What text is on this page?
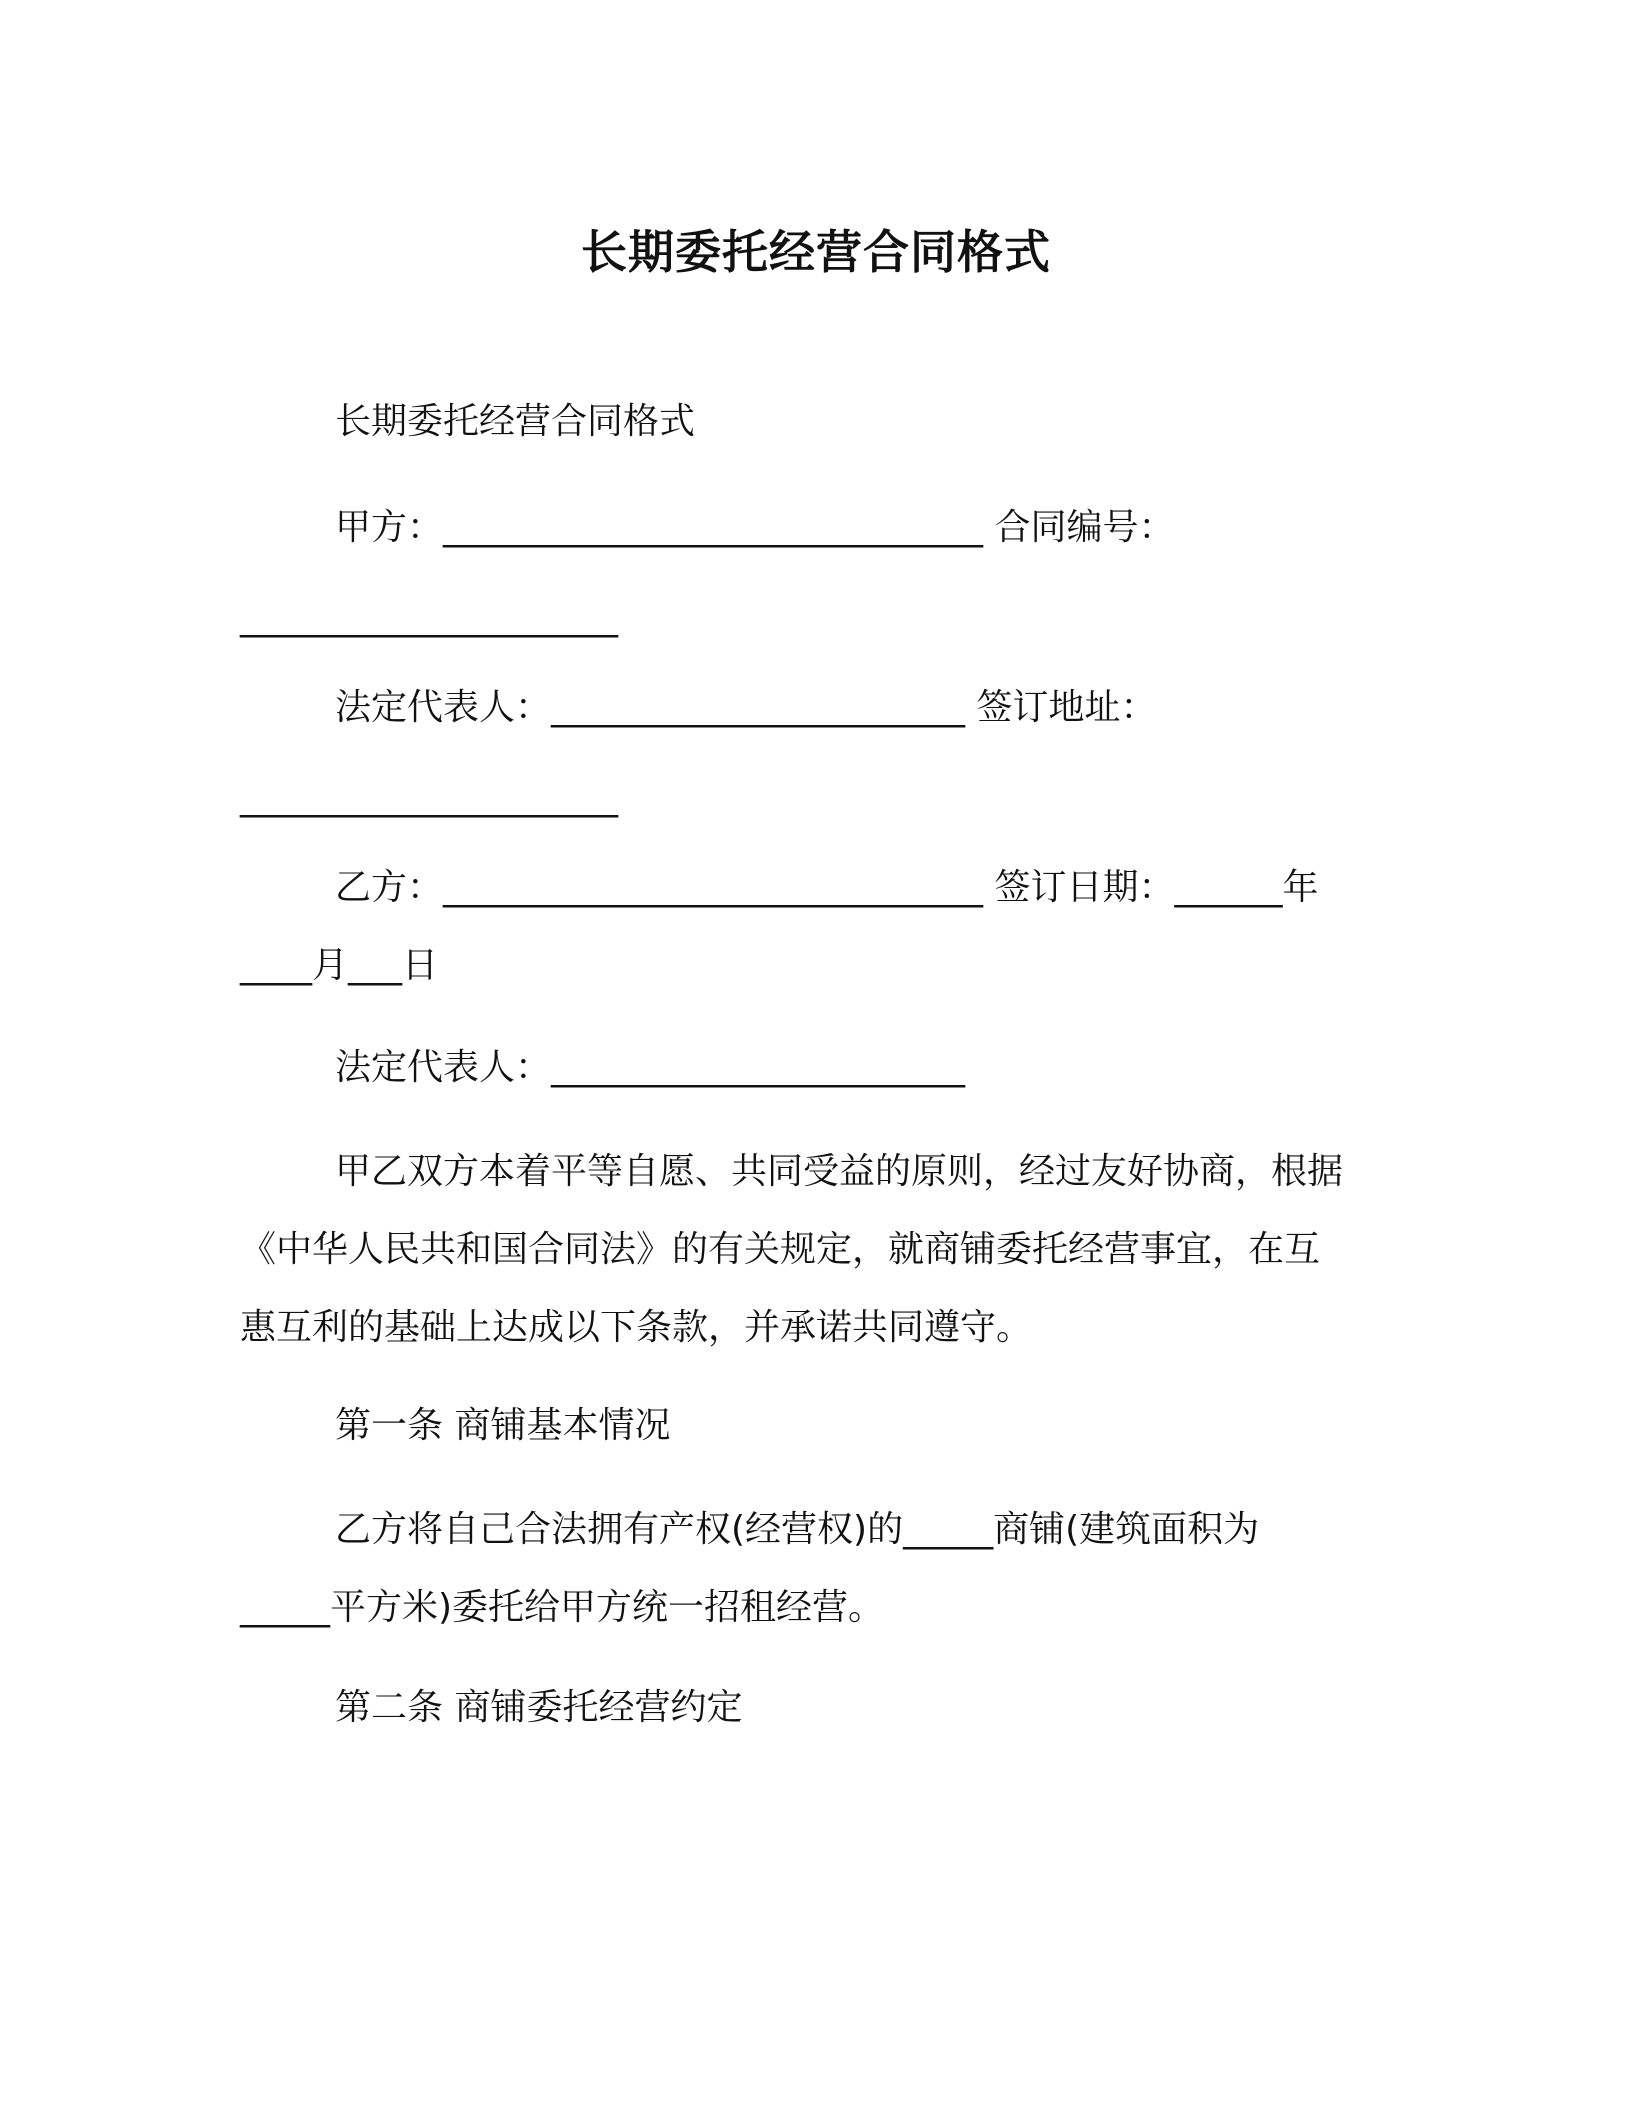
长期委托经营合同格式
长期委托经营合同格式
甲方：______________________________ 合同编号：
_____________________
法定代表人：_______________________ 签订地址：
_____________________
乙方：______________________________ 签订日期：______年
____月___日
法定代表人：_______________________
甲乙双方本着平等自愿、共同受益的原则，经过友好协商，根据
《中华人民共和国合同法》的有关规定，就商铺委托经营事宜，在互
惠互利的基础上达成以下条款，并承诺共同遵守。
第一条 商铺基本情况
乙方将自己合法拥有产权(经营权)的_____商铺(建筑面积为
_____平方米)委托给甲方统一招租经营。
第二条 商铺委托经营约定
